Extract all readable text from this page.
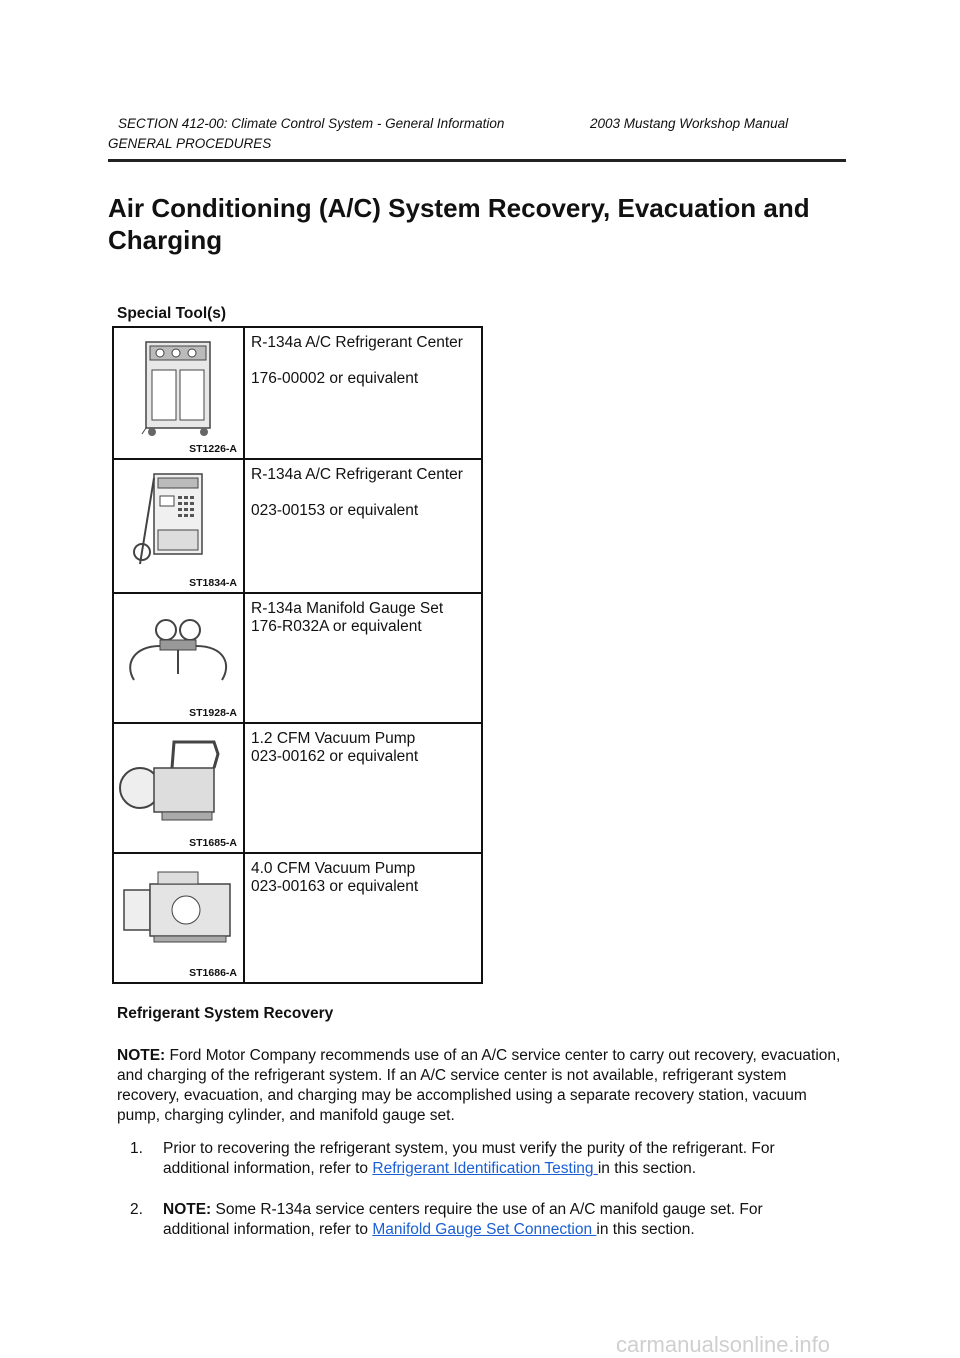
SECTION 412-00: Climate Control System - General Information	2003 Mustang Workshop Manual
GENERAL PROCEDURES
Air Conditioning (A/C) System Recovery, Evacuation and Charging
Special Tool(s)
ST1226-A	R-134a A/C Refrigerant Center

176-00002 or equivalent

ST1834-A	R-134a A/C Refrigerant Center

023-00153 or equivalent

ST1928-A	R-134a Manifold Gauge Set

176-R032A or equivalent

ST1685-A	1.2 CFM Vacuum Pump

023-00162 or equivalent

ST1686-A	4.0 CFM Vacuum Pump

023-00163 or equivalent

Refrigerant System Recovery
NOTE: Ford Motor Company recommends use of an A/C service center to carry out recovery, evacuation, and charging of the refrigerant system. If an A/C service center is not available, refrigerant system recovery, evacuation, and charging may be accomplished using a separate recovery station, vacuum pump, charging cylinder, and manifold gauge set.
1. Prior to recovering the refrigerant system, you must verify the purity of the refrigerant. For additional information, refer to Refrigerant Identification Testing in this section.
2. NOTE: Some R-134a service centers require the use of an A/C manifold gauge set. For additional information, refer to Manifold Gauge Set Connection in this section.
carmanualsonline.info
